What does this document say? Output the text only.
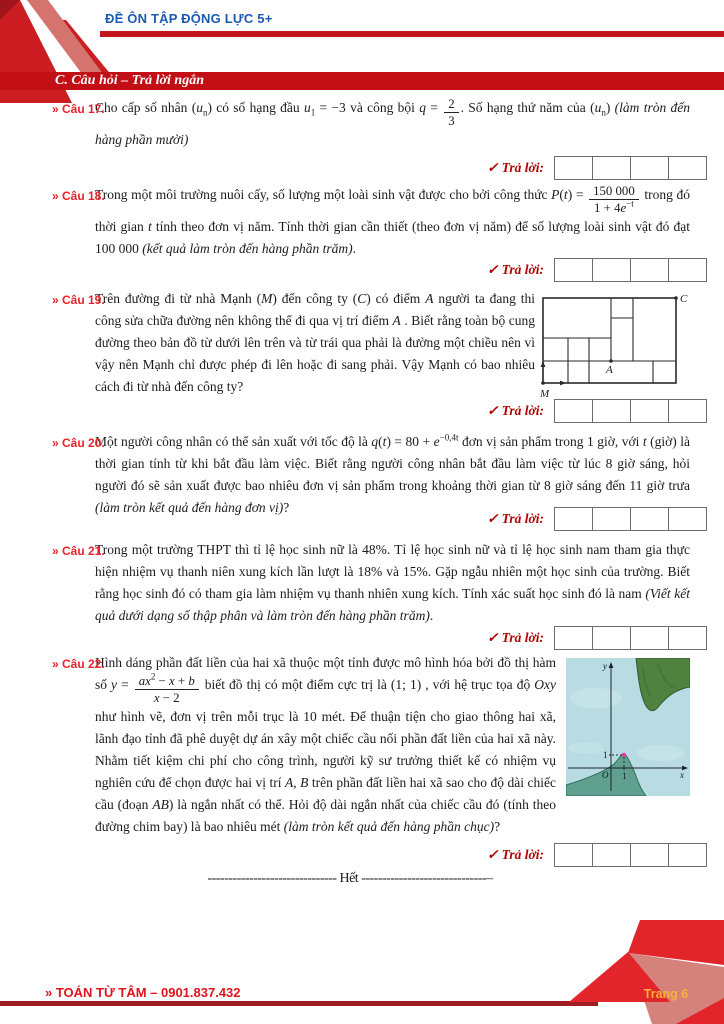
ĐỀ ÔN TẬP ĐỘNG LỰC 5+
C. Câu hỏi – Trả lời ngắn
» Câu 17.
Cho cấp số nhân $(u_n)$ có số hạng đầu $u_1 = -3$ và công bội $q = \frac{2}{3}$ . Số hạng thứ năm của $(u_n)$ (làm tròn đến hàng phần mười)
✓ Trả lời:
» Câu 18.
Trong một môi trường nuôi cấy, số lượng một loài sinh vật được cho bởi công thức $P(t) = \frac{150 000}{1 + 4e^{-t}}$ trong đó thời gian t tính theo đơn vị năm. Tính thời gian cần thiết (theo đơn vị năm) để số lượng loài sinh vật đó đạt 100 000 (kết quả làm tròn đến hàng phần trăm).
✓ Trả lời:
» Câu 19.
Trên đường đi từ nhà Mạnh (M) đến công ty (C) có điểm A người ta đang thi công sửa chữa đường nên không thể đi qua vị trí điểm A . Biết rằng toàn bộ cung đường theo bản đồ từ dưới lên trên và từ trái qua phải là đường một chiều nên vì vậy nên Mạnh chỉ được phép đi lên hoặc đi sang phải. Vậy Mạnh có bao nhiêu cách đi từ nhà đến công ty?	M
A
C
✓ Trả lời:
» Câu 20.
Một người công nhân có thể sản xuất với tốc độ là $q(t) = 80 + e^{-0,4t}$ đơn vị sản phẩm trong 1 giờ, với t (giờ) là thời gian tính từ khi bắt đầu làm việc. Biết rằng người công nhân bắt đầu làm việc từ lúc 8 giờ sáng, hỏi người đó sẽ sản xuất được bao nhiêu đơn vị sản phẩm trong khoảng thời gian từ 8 giờ sáng đến 11 giờ trưa (làm tròn kết quả đến hàng đơn vị)?
✓ Trả lời:
» Câu 21.
Trong một trường THPT thì tỉ lệ học sinh nữ là 48%. Tỉ lệ học sinh nữ và tỉ lệ học sinh nam tham gia thực hiện nhiệm vụ thanh niên xung kích lần lượt là 18% và 15%. Gặp ngẫu nhiên một học sinh của trường. Biết rằng học sinh đó có tham gia làm nhiệm vụ thanh nhiên xung kích. Tính xác suất học sinh đó là nam (Viết kết quả dưới dạng số thập phân và làm tròn đến hàng phần trăm).
✓ Trả lời:
» Câu 22.	y
x
O 1
1
Hình dáng phần đất liền của hai xã thuộc một tỉnh được mô hình hóa bởi đồ thị hàm số $y = \frac{ax^2 - x + b}{x - 2}$ biết đồ thị có một điểm cực trị là (1; 1) , với hệ trục tọa độ Oxy như hình vẽ, đơn vị trên mỗi trục là 10 mét. Để thuận tiện cho giao thông hai xã, lãnh đạo tỉnh đã phê duyệt dự án xây một chiếc cầu nối phần đất liền của hai xã này. Nhằm tiết kiệm chi phí cho công trình, người kỹ sư trưởng thiết kế có nhiệm vụ nghiên cứu để chọn được hai vị trí A, B trên phần đất liền hai xã sao cho độ dài chiếc cầu (đoạn AB) là ngắn nhất có thể. Hỏi độ dài ngắn nhất của chiếc cầu đó (tính theo đường chim bay) là bao nhiêu mét (làm tròn kết quả đến hàng phần chục)?
✓ Trả lời:
------------------------------- Hết ------------------------------–
» TOÁN TỪ TÂM – 0901.837.432	Trang 6
